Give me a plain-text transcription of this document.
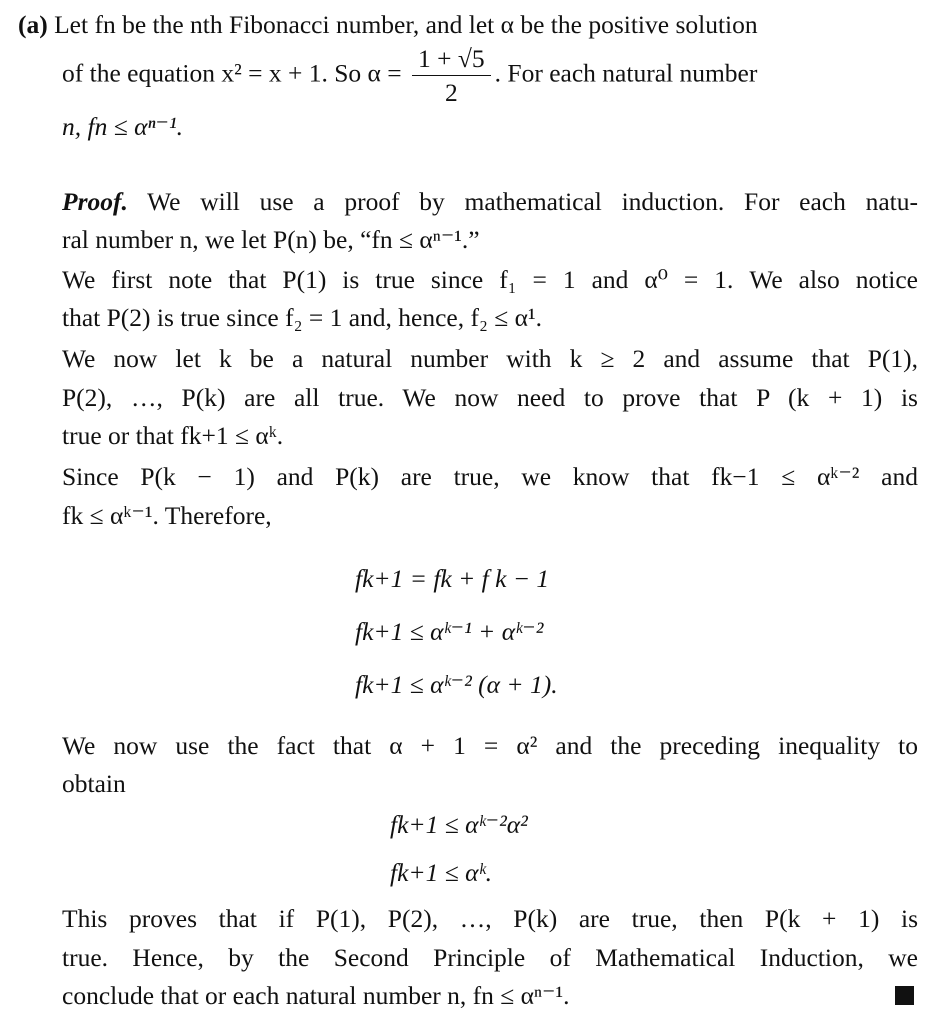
(a) Let fn be the nth Fibonacci number, and let α be the positive solution
of the equation x² = x + 1. So $\alpha = \frac{1 + √5}{2}$ . For each natural number
n, fn ≤ αⁿ⁻¹.
Proof. We will use a proof by mathematical induction. For each natu-
ral number n, we let P(n) be, “fn ≤ αⁿ⁻¹.”
We first note that P(1) is true since f₁ = 1 and α⁰ = 1. We also notice
that P(2) is true since f₂ = 1 and, hence, f₂ ≤ α¹.
We now let k be a natural number with k ≥ 2 and assume that P(1),
P(2), …, P(k) are all true. We now need to prove that P (k + 1) is
true or that fk+1 ≤ αᵏ.
Since P(k − 1) and P(k) are true, we know that fk−1 ≤ αᵏ⁻² and
fk ≤ αᵏ⁻¹. Therefore,
fk+1 = fk + f k − 1
fk+1 ≤ αᵏ⁻¹ + αᵏ⁻²
fk+1 ≤ αᵏ⁻² (α + 1).
We now use the fact that α + 1 = α² and the preceding inequality to
obtain
fk+1 ≤ αᵏ⁻²α²
fk+1 ≤ αᵏ.
This proves that if P(1), P(2), …, P(k) are true, then P(k + 1) is
true. Hence, by the Second Principle of Mathematical Induction, we
conclude that or each natural number n, fn ≤ αⁿ⁻¹.
